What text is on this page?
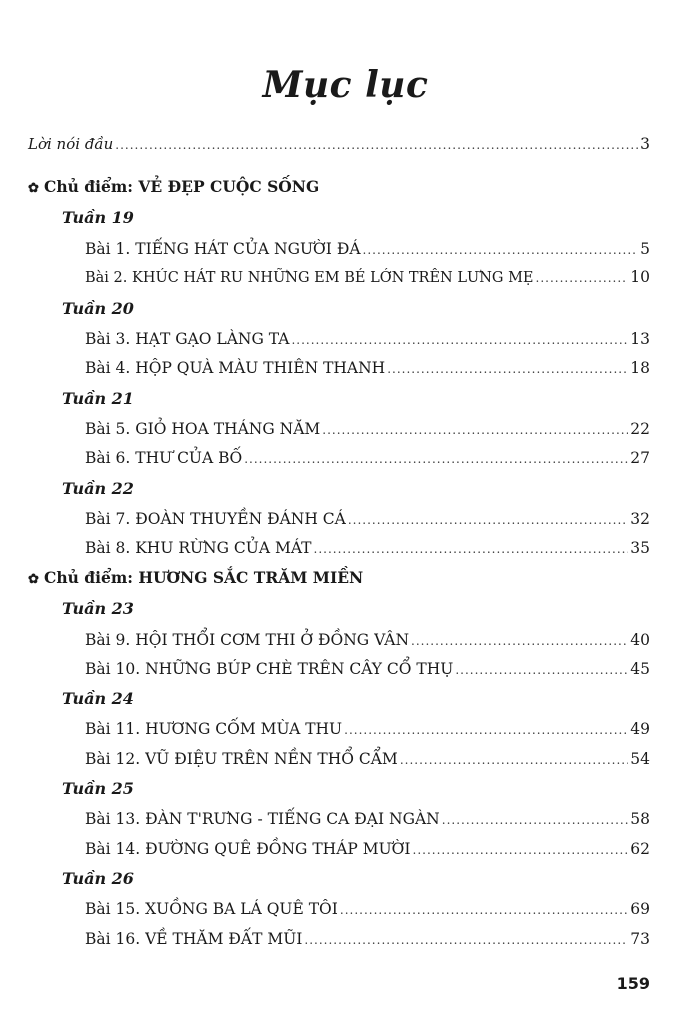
Mục lục
Lời nói đầu .....	3
✿ Chủ điểm: VẺ ĐẸP CUỘC SỐNG
Tuần 19
Bài 1. TIẾNG HÁT CỦA NGƯỜI ĐÁ .....	5
Bài 2. KHÚC HÁT RU NHỮNG EM BÉ LỚN TRÊN LƯNG MẸ .....	10
Tuần 20
Bài 3. HẠT GẠO LÀNG TA .....	13
Bài 4. HỘP QUÀ MÀU THIÊN THANH .....	18
Tuần 21
Bài 5. GIỎ HOA THÁNG NĂM .....	22
Bài 6. THƯ CỦA BỐ .....	27
Tuần 22
Bài 7. ĐOÀN THUYỀN ĐÁNH CÁ .....	32
Bài 8. KHU RỪNG CỦA MÁT .....	35
✿ Chủ điểm: HƯƠNG SẮC TRĂM MIỀN
Tuần 23
Bài 9. HỘI THỔI CƠM THI Ở ĐỒNG VÂN .....	40
Bài 10. NHỮNG BÚP CHÈ TRÊN CÂY CỔ THỤ .....	45
Tuần 24
Bài 11. HƯƠNG CỐM MÙA THU .....	49
Bài 12. VŨ ĐIỆU TRÊN NỀN THỔ CẨM .....	54
Tuần 25
Bài 13. ĐÀN T'RƯNG - TIẾNG CA ĐẠI NGÀN .....	58
Bài 14. ĐƯỜNG QUÊ ĐỒNG THÁP MƯỜI .....	62
Tuần 26
Bài 15. XUỒNG BA LÁ QUÊ TÔI .....	69
Bài 16. VỀ THĂM ĐẤT MŨI .....	73
159
